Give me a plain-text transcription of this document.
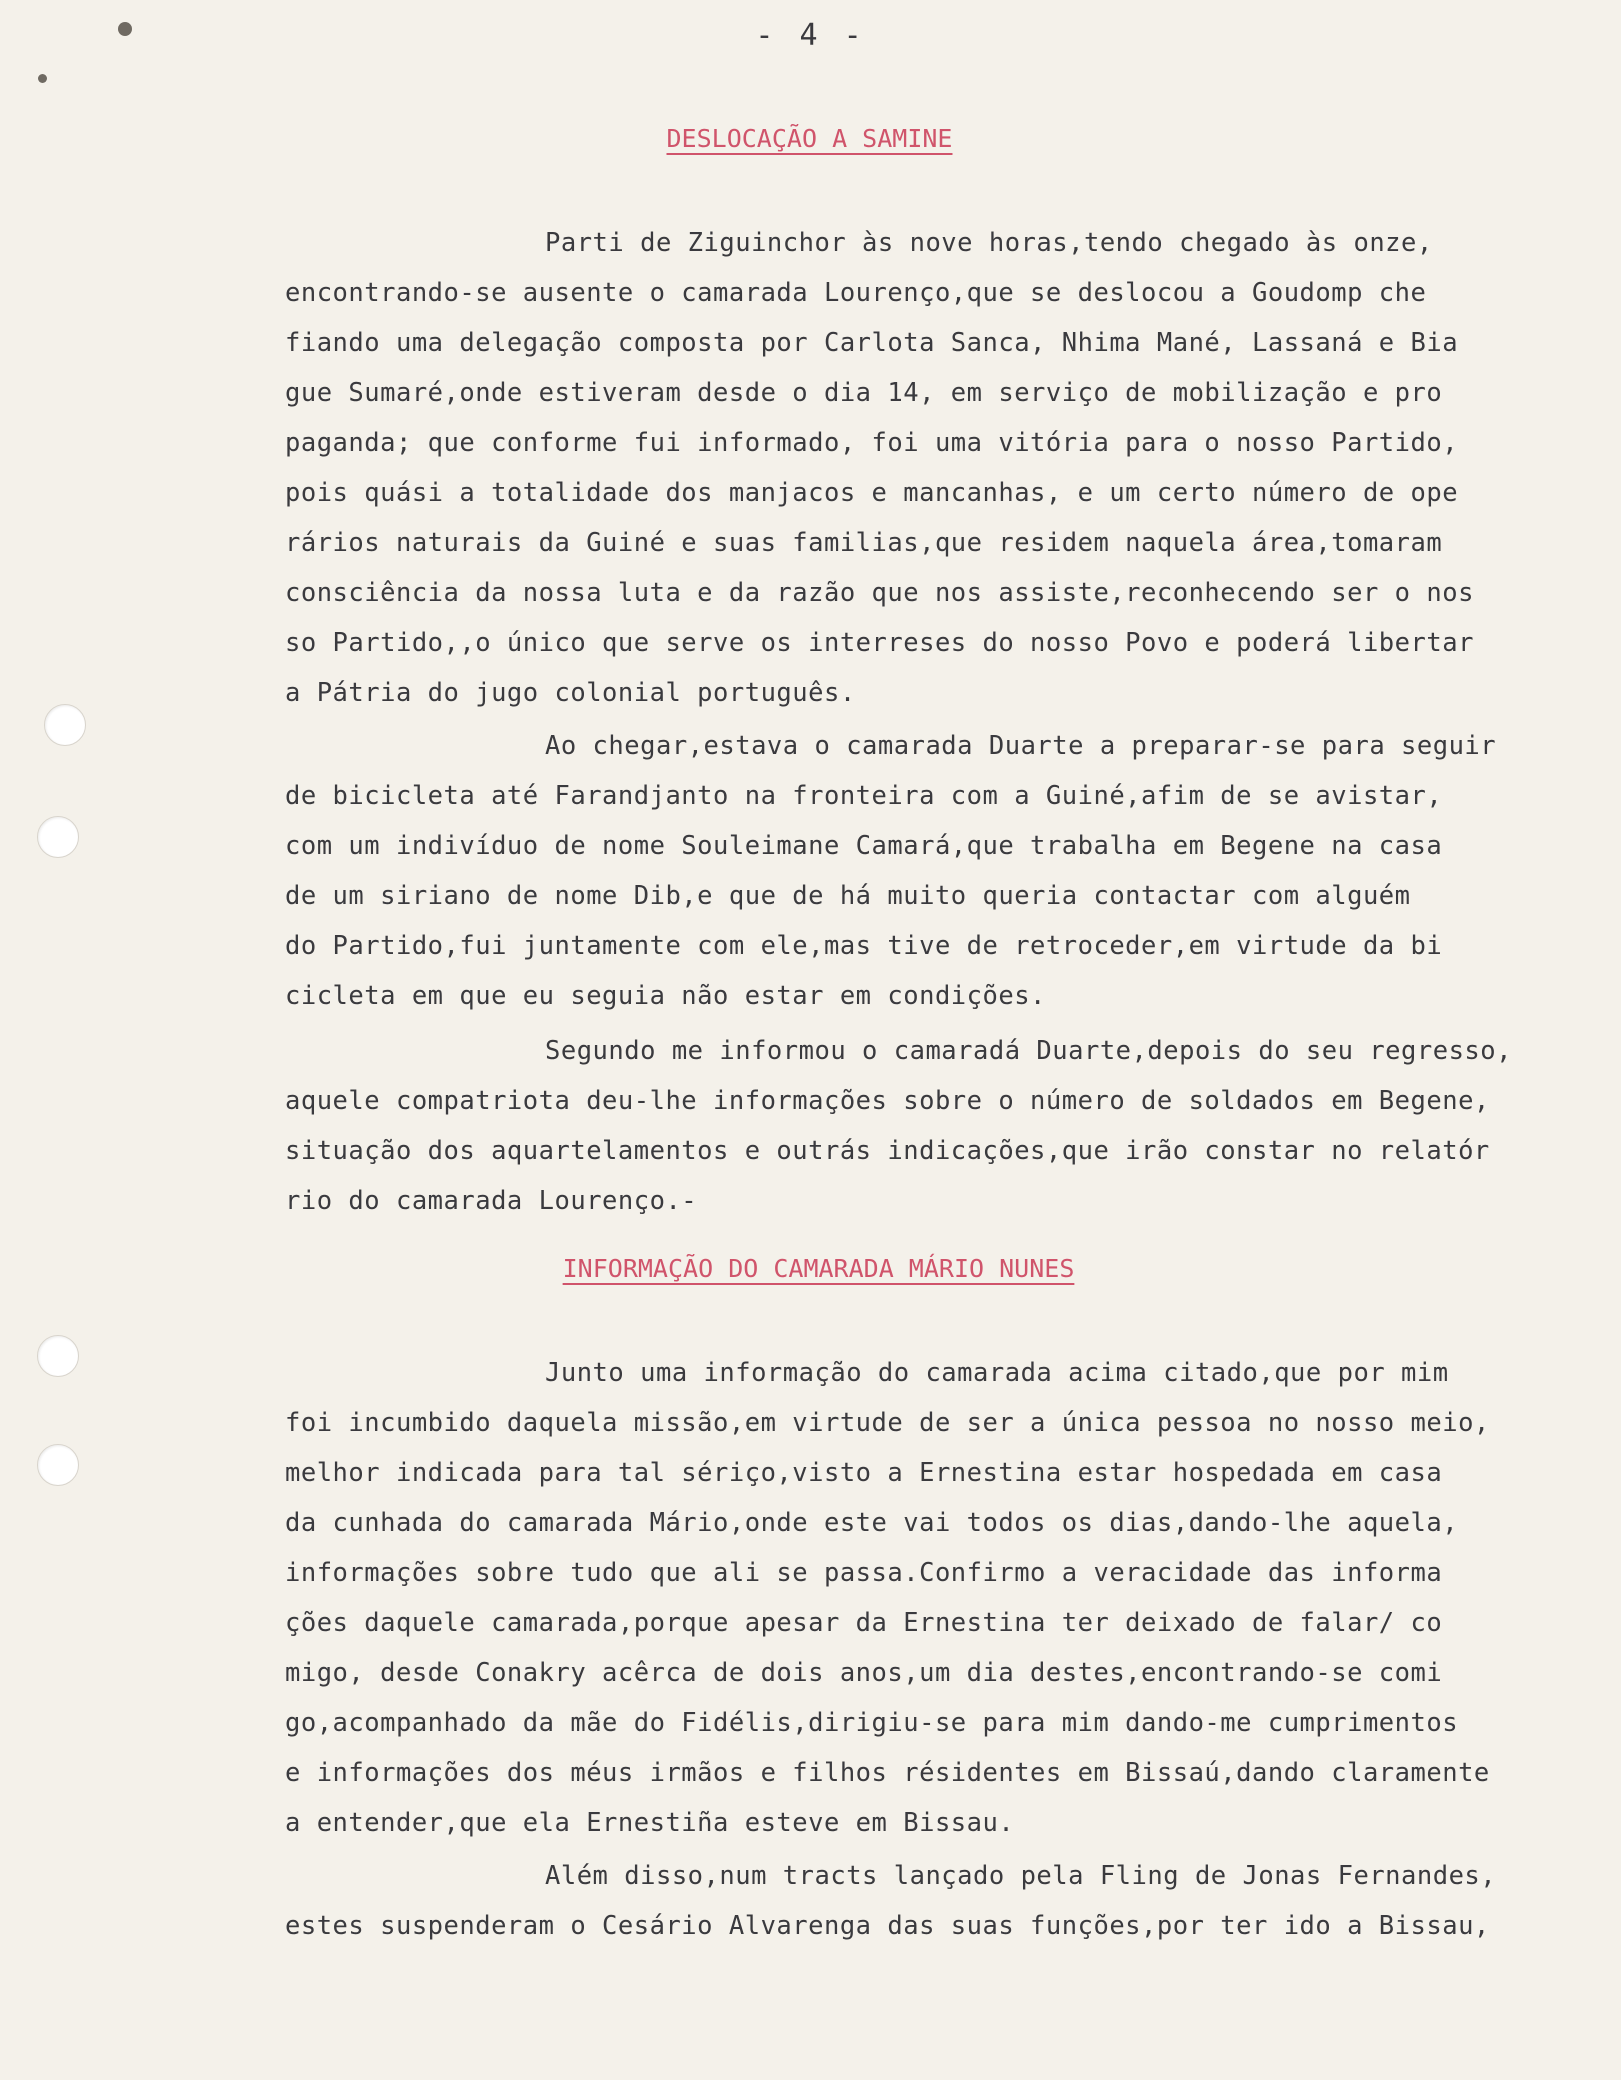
- 4 -
DESLOCAÇÃO A SAMINE
Parti de Ziguinchor às nove horas,tendo chegado às onze,
encontrando-se ausente o camarada Lourenço,que se deslocou a Goudomp che
fiando uma delegação composta por Carlota Sanca, Nhima Mané, Lassaná e Bia
gue Sumaré,onde estiveram desde o dia 14, em serviço de mobilização e pro
paganda; que conforme fui informado, foi uma vitória para o nosso Partido,
pois quási a totalidade dos manjacos e mancanhas, e um certo número de ope
rários naturais da Guiné e suas familias,que residem naquela área,tomaram
consciência da nossa luta e da razão que nos assiste,reconhecendo ser o nos
so Partido,,o único que serve os interreses do nosso Povo e poderá libertar
a Pátria do jugo colonial português.
Ao chegar,estava o camarada Duarte a preparar-se para seguir
de bicicleta até Farandjanto na fronteira com a Guiné,afim de se avistar,
com um indivíduo de nome Souleimane Camará,que trabalha em Begene na casa
de um siriano de nome Dib,e que de há muito queria contactar com alguém
do Partido,fui juntamente com ele,mas tive de retroceder,em virtude da bi
cicleta em que eu seguia não estar em condições.
Segundo me informou o camaradá Duarte,depois do seu regresso,
aquele compatriota deu-lhe informações sobre o número de soldados em Begene,
situação dos aquartelamentos e outrás indicações,que irão constar no relatór
rio do camarada Lourenço.-
INFORMAÇÃO DO CAMARADA MÁRIO NUNES
Junto uma informação do camarada acima citado,que por mim
foi incumbido daquela missão,em virtude de ser a única pessoa no nosso meio,
melhor indicada para tal sériço,visto a Ernestina estar hospedada em casa
da cunhada do camarada Mário,onde este vai todos os dias,dando-lhe aquela,
informações sobre tudo que ali se passa.Confirmo a veracidade das informa
ções daquele camarada,porque apesar da Ernestina ter deixado de falar/ co
migo, desde Conakry acêrca de dois anos,um dia destes,encontrando-se comi
go,acompanhado da mãe do Fidélis,dirigiu-se para mim dando-me cumprimentos
e informações dos méus irmãos e filhos résidentes em Bissaú,dando claramente
a entender,que ela Ernestiña esteve em Bissau.
Além disso,num tracts lançado pela Fling de Jonas Fernandes,
estes suspenderam o Cesário Alvarenga das suas funções,por ter ido a Bissau,
